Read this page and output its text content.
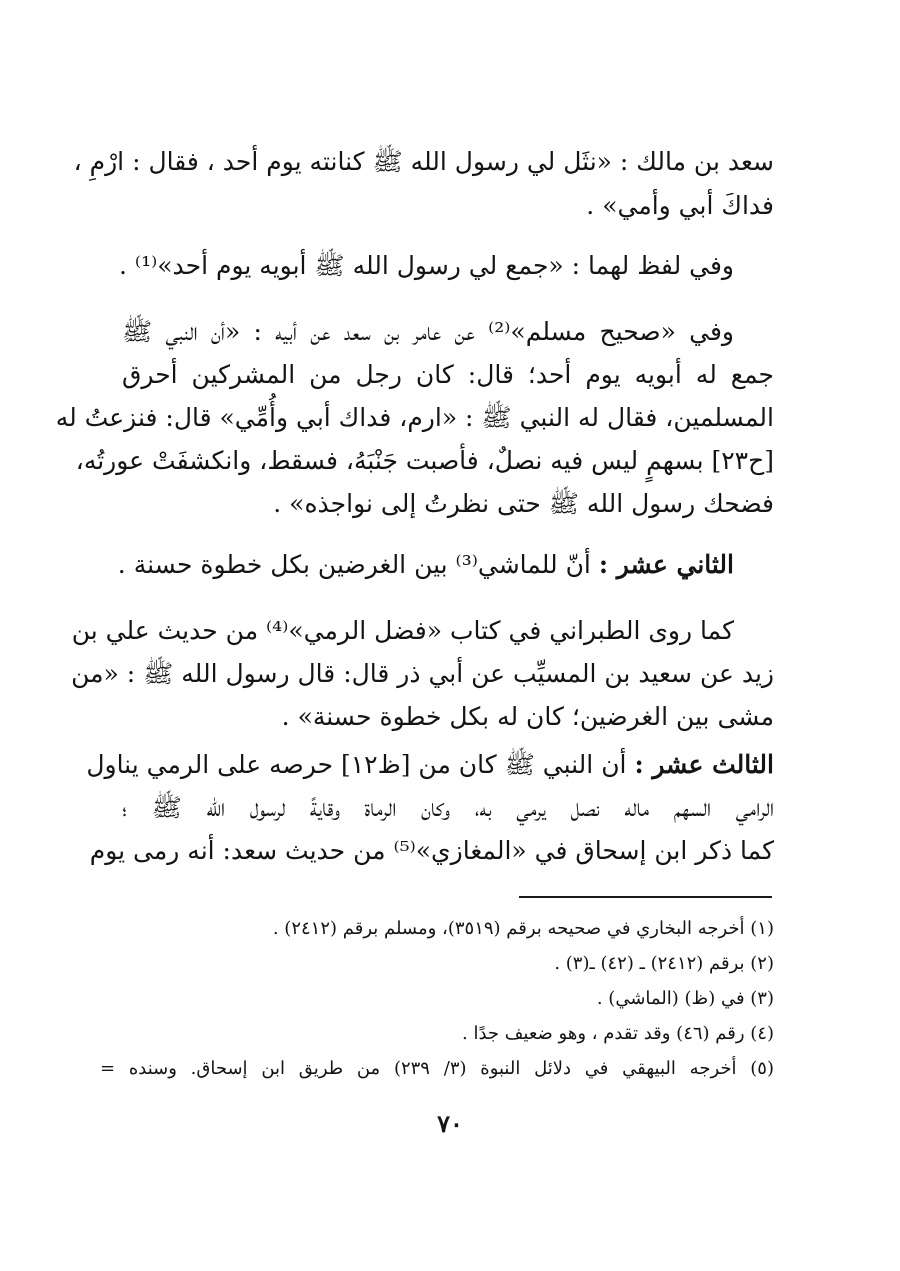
سعد بن مالك : «نثَل لي رسول الله ﷺ كنانته يوم أحد ، فقال : ارْمِ ،
فداكَ أبي وأمي» .
وفي لفظ لهما : «جمع لي رسول الله ﷺ أبويه يوم أحد»⁽¹⁾ .
وفي «صحيح مسلم»⁽²⁾ عن عامر بن سعد عن أبيه : «أن النبي ﷺ
جمع له أبويه يوم أحد؛ قال: كان رجل من المشركين أحرق
المسلمين، فقال له النبي ﷺ : «ارم، فداك أبي وأُمِّي» قال: فنزعتُ له
[ح٢٣] بسهمٍ ليس فيه نصلٌ، فأصبت جَنْبَهُ، فسقط، وانكشفَتْ عورتُه،
فضحك رسول الله ﷺ حتى نظرتُ إلى نواجذه» .
الثاني عشر : أنّ للماشي⁽³⁾ بين الغرضين بكل خطوة حسنة .
كما روى الطبراني في كتاب «فضل الرمي»⁽⁴⁾ من حديث علي بن
زيد عن سعيد بن المسيِّب عن أبي ذر قال: قال رسول الله ﷺ : «من
مشى بين الغرضين؛ كان له بكل خطوة حسنة» .
الثالث عشر : أن النبي ﷺ كان من [ظ١٢] حرصه على الرمي يناول
الرامي السهم ماله نصل يرمي به، وكان الرماة وقايةً لرسول الله ﷺ ؛
كما ذكر ابن إسحاق في «المغازي»⁽⁵⁾ من حديث سعد: أنه رمى يوم
(١) أخرجه البخاري في صحيحه برقم (٣٥١٩)، ومسلم برقم (٢٤١٢) .
(٢) برقم (٢٤١٢) ـ (٤٢) ـ(٣) .
(٣) في (ظ) (الماشي) .
(٤) رقم (٤٦) وقد تقدم ، وهو ضعيف جدًا .
(٥) أخرجه البيهقي في دلائل النبوة (٣/ ٢٣٩) من طريق ابن إسحاق. وسنده =
٧٠
